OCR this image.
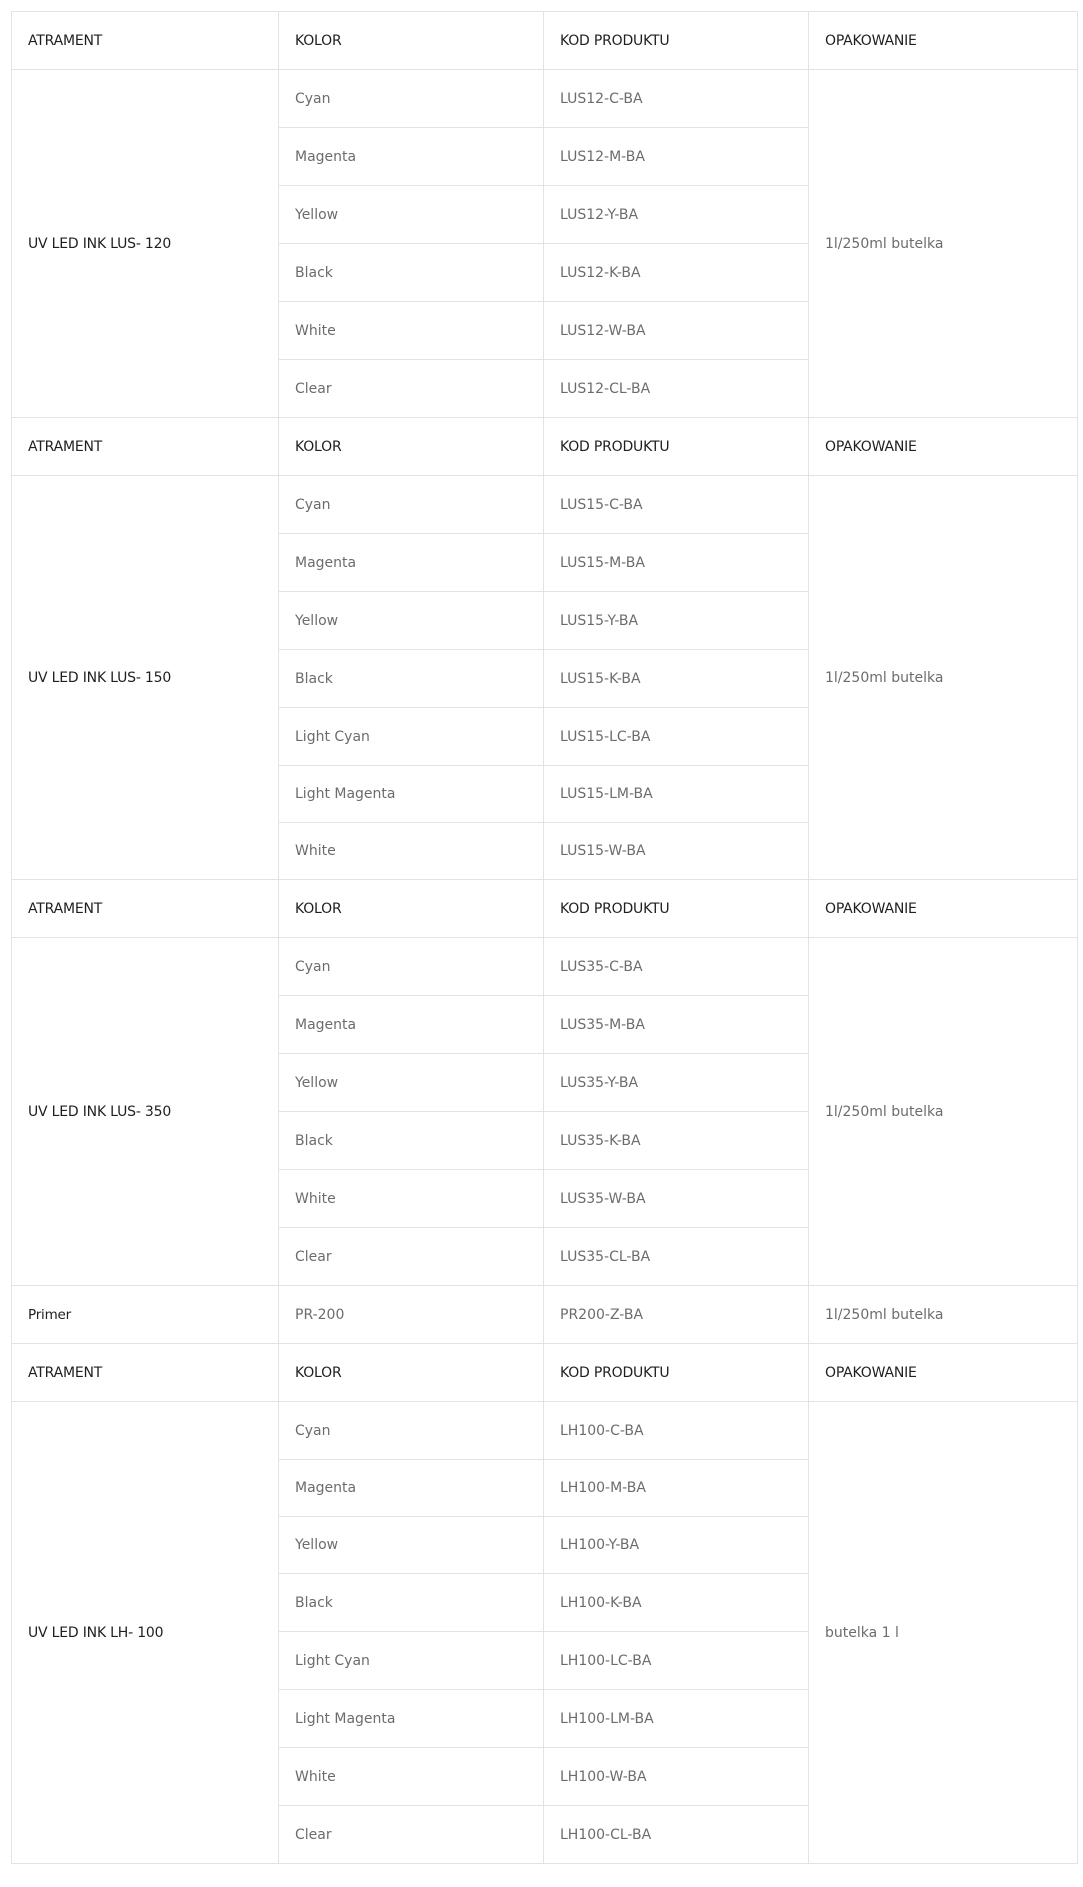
ATRAMENT	KOLOR	KOD PRODUKTU	OPAKOWANIE
UV LED INK LUS- 120	Cyan	LUS12-C-BA	1l/250ml butelka
	Magenta	LUS12-M-BA	
	Yellow	LUS12-Y-BA	
	Black	LUS12-K-BA	
	White	LUS12-W-BA	
	Clear	LUS12-CL-BA	
ATRAMENT	KOLOR	KOD PRODUKTU	OPAKOWANIE
UV LED INK LUS- 150	Cyan	LUS15-C-BA	1l/250ml butelka
	Magenta	LUS15-M-BA	
	Yellow	LUS15-Y-BA	
	Black	LUS15-K-BA	
	Light Cyan	LUS15-LC-BA	
	Light Magenta	LUS15-LM-BA	
	White	LUS15-W-BA	
ATRAMENT	KOLOR	KOD PRODUKTU	OPAKOWANIE
UV LED INK LUS- 350	Cyan	LUS35-C-BA	1l/250ml butelka
	Magenta	LUS35-M-BA	
	Yellow	LUS35-Y-BA	
	Black	LUS35-K-BA	
	White	LUS35-W-BA	
	Clear	LUS35-CL-BA	
Primer	PR-200	PR200-Z-BA	1l/250ml butelka
ATRAMENT	KOLOR	KOD PRODUKTU	OPAKOWANIE
UV LED INK LH- 100	Cyan	LH100-C-BA	butelka 1 l
	Magenta	LH100-M-BA	
	Yellow	LH100-Y-BA	
	Black	LH100-K-BA	
	Light Cyan	LH100-LC-BA	
	Light Magenta	LH100-LM-BA	
	White	LH100-W-BA	
	Clear	LH100-CL-BA	
